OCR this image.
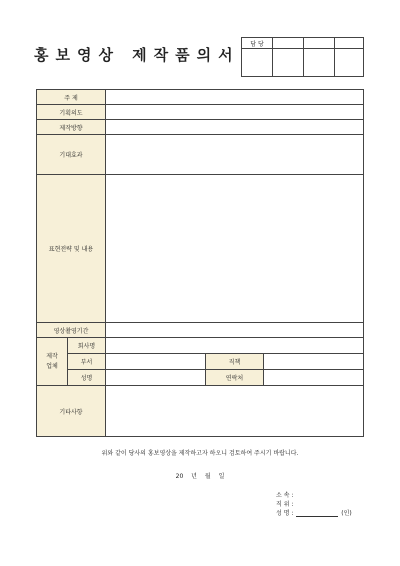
홍보영상 제작품의서
담 당			

주 제				
기획의도				
제작방향				
기대효과				
표현전략 및 내용				
영상촬영기간				
제작 업체	회사명			
	부서		직책	
	성명		연락처	
기타사항				
위와 같이 당사의 홍보영상을 제작하고자 하오니 검토하여 주시기 바랍니다.
20 년 월 일
소 속 :
직 위 :
성 명 :	(인)
